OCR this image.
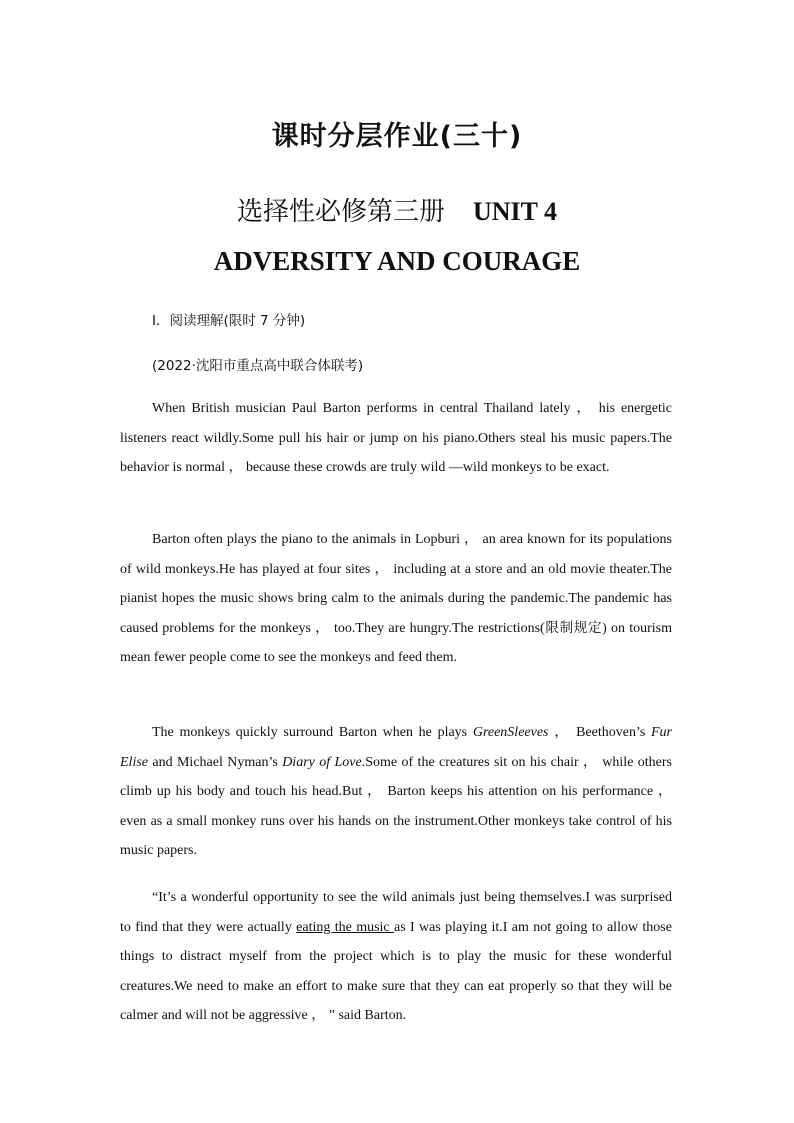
课时分层作业(三十)
选择性必修第三册 UNIT 4
ADVERSITY AND COURAGE
Ⅰ．阅读理解(限时 7 分钟)
(2022·沈阳市重点高中联合体联考)

When British musician Paul Barton performs in central Thailand lately ， his energetic listeners react wildly.Some pull his hair or jump on his piano.Others steal his music papers.The behavior is normal ， because these crowds are truly wild —wild monkeys to be exact.

Barton often plays the piano to the animals in Lopburi ， an area known for its populations of wild monkeys.He has played at four sites ， including at a store and an old movie theater.The pianist hopes the music shows bring calm to the animals during the pandemic.The pandemic has caused problems for the monkeys ， too.They are hungry.The restrictions(限制规定) on tourism mean fewer people come to see the monkeys and feed them.

The monkeys quickly surround Barton when he plays GreenSleeves ， Beethoven’s Fur Elise and Michael Nyman’s Diary of Love.Some of the creatures sit on his chair ， while others climb up his body and touch his head.But ， Barton keeps his attention on his performance ， even as a small monkey runs over his hands on the instrument.Other monkeys take control of his music papers.

“It’s a wonderful opportunity to see the wild animals just being themselves.I was surprised to find that they were actually eating the music as I was playing it.I am not going to allow those things to distract myself from the project which is to play the music for these wonderful creatures.We need to make an effort to make sure that they can eat properly so that they will be calmer and will not be aggressive ， ” said Barton.
